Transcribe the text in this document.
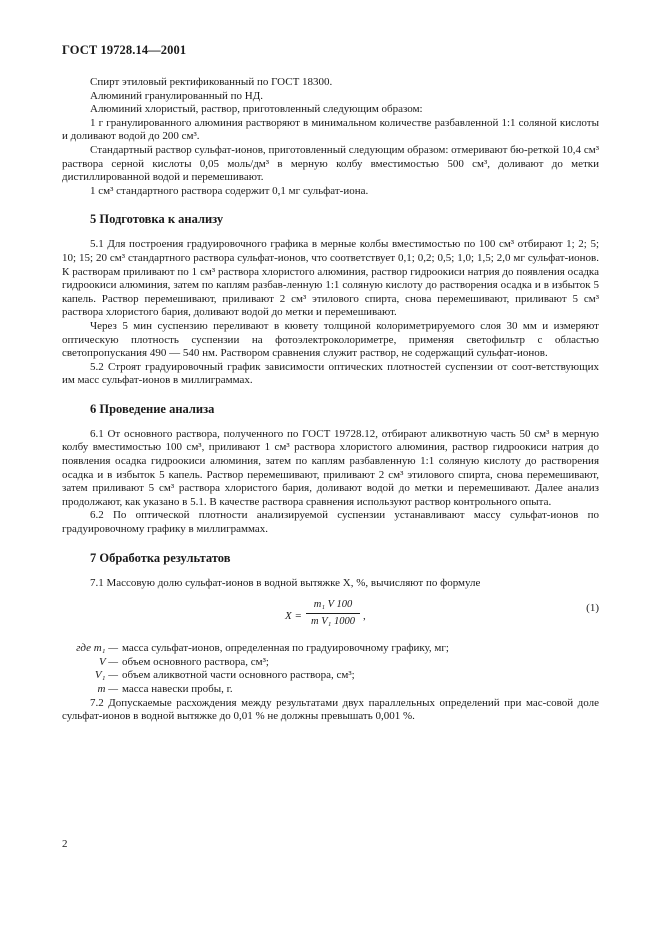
ГОСТ 19728.14—2001

Спирт этиловый ректификованный по ГОСТ 18300.

Алюминий гранулированный по НД.

Алюминий хлористый, раствор, приготовленный следующим образом:

1 г гранулированного алюминия растворяют в минимальном количестве разбавленной 1:1 соляной кислоты и доливают водой до 200 см³.

Стандартный раствор сульфат-ионов, приготовленный следующим образом: отмеривают бю-реткой 10,4 см³ раствора серной кислоты 0,05 моль/дм³ в мерную колбу вместимостью 500 см³, доливают до метки дистиллированной водой и перемешивают.

1 см³ стандартного раствора содержит 0,1 мг сульфат-иона.

5 Подготовка к анализу

5.1 Для построения градуировочного графика в мерные колбы вместимостью по 100 см³ отбирают 1; 2; 5; 10; 15; 20 см³ стандартного раствора сульфат-ионов, что соответствует 0,1; 0,2; 0,5; 1,0; 1,5; 2,0 мг сульфат-ионов. К растворам приливают по 1 см³ раствора хлористого алюминия, раствор гидроокиси натрия до появления осадка гидроокиси алюминия, затем по каплям разбав-ленную 1:1 соляную кислоту до растворения осадка и в избыток 5 капель. Раствор перемешивают, приливают 2 см³ этилового спирта, снова перемешивают, приливают 5 см³ раствора хлористого бария, доливают водой до метки и перемешивают.

Через 5 мин суспензию переливают в кювету толщиной колориметрируемого слоя 30 мм и измеряют оптическую плотность суспензии на фотоэлектроколориметре, применяя светофильтр с областью светопропускания 490 — 540 нм. Раствором сравнения служит раствор, не содержащий сульфат-ионов.

5.2 Строят градуировочный график зависимости оптических плотностей суспензии от соот-ветствующих им масс сульфат-ионов в миллиграммах.

6 Проведение анализа

6.1 От основного раствора, полученного по ГОСТ 19728.12, отбирают аликвотную часть 50 см³ в мерную колбу вместимостью 100 см³, приливают 1 см³ раствора хлористого алюминия, раствор гидроокиси натрия до появления осадка гидроокиси алюминия, затем по каплям разбавленную 1:1 соляную кислоту до растворения осадка и в избыток 5 капель. Раствор перемешивают, приливают 2 см³ этилового спирта, снова перемешивают, затем приливают 5 см³ раствора хлористого бария, доливают водой до метки и перемешивают. Далее анализ продолжают, как указано в 5.1. В качестве раствора сравнения используют раствор контрольного опыта.

6.2 По оптической плотности анализируемой суспензии устанавливают массу сульфат-ионов по градуировочному графику в миллиграммах.

7 Обработка результатов

7.1 Массовую долю сульфат-ионов в водной вытяжке X, %, вычисляют по формуле

$X = \frac{\text{m₁ V 100}}{\text{m V₁ 1000}}$ ,
(1)
где m₁ — масса сульфат-ионов, определенная по градуировочному графику, мг;
V — объем основного раствора, см³;
V₁ — объем аликвотной части основного раствора, см³;
m — масса навески пробы, г.

7.2 Допускаемые расхождения между результатами двух параллельных определений при мас-совой доле сульфат-ионов в водной вытяжке до 0,01 % не должны превышать 0,001 %.

2
